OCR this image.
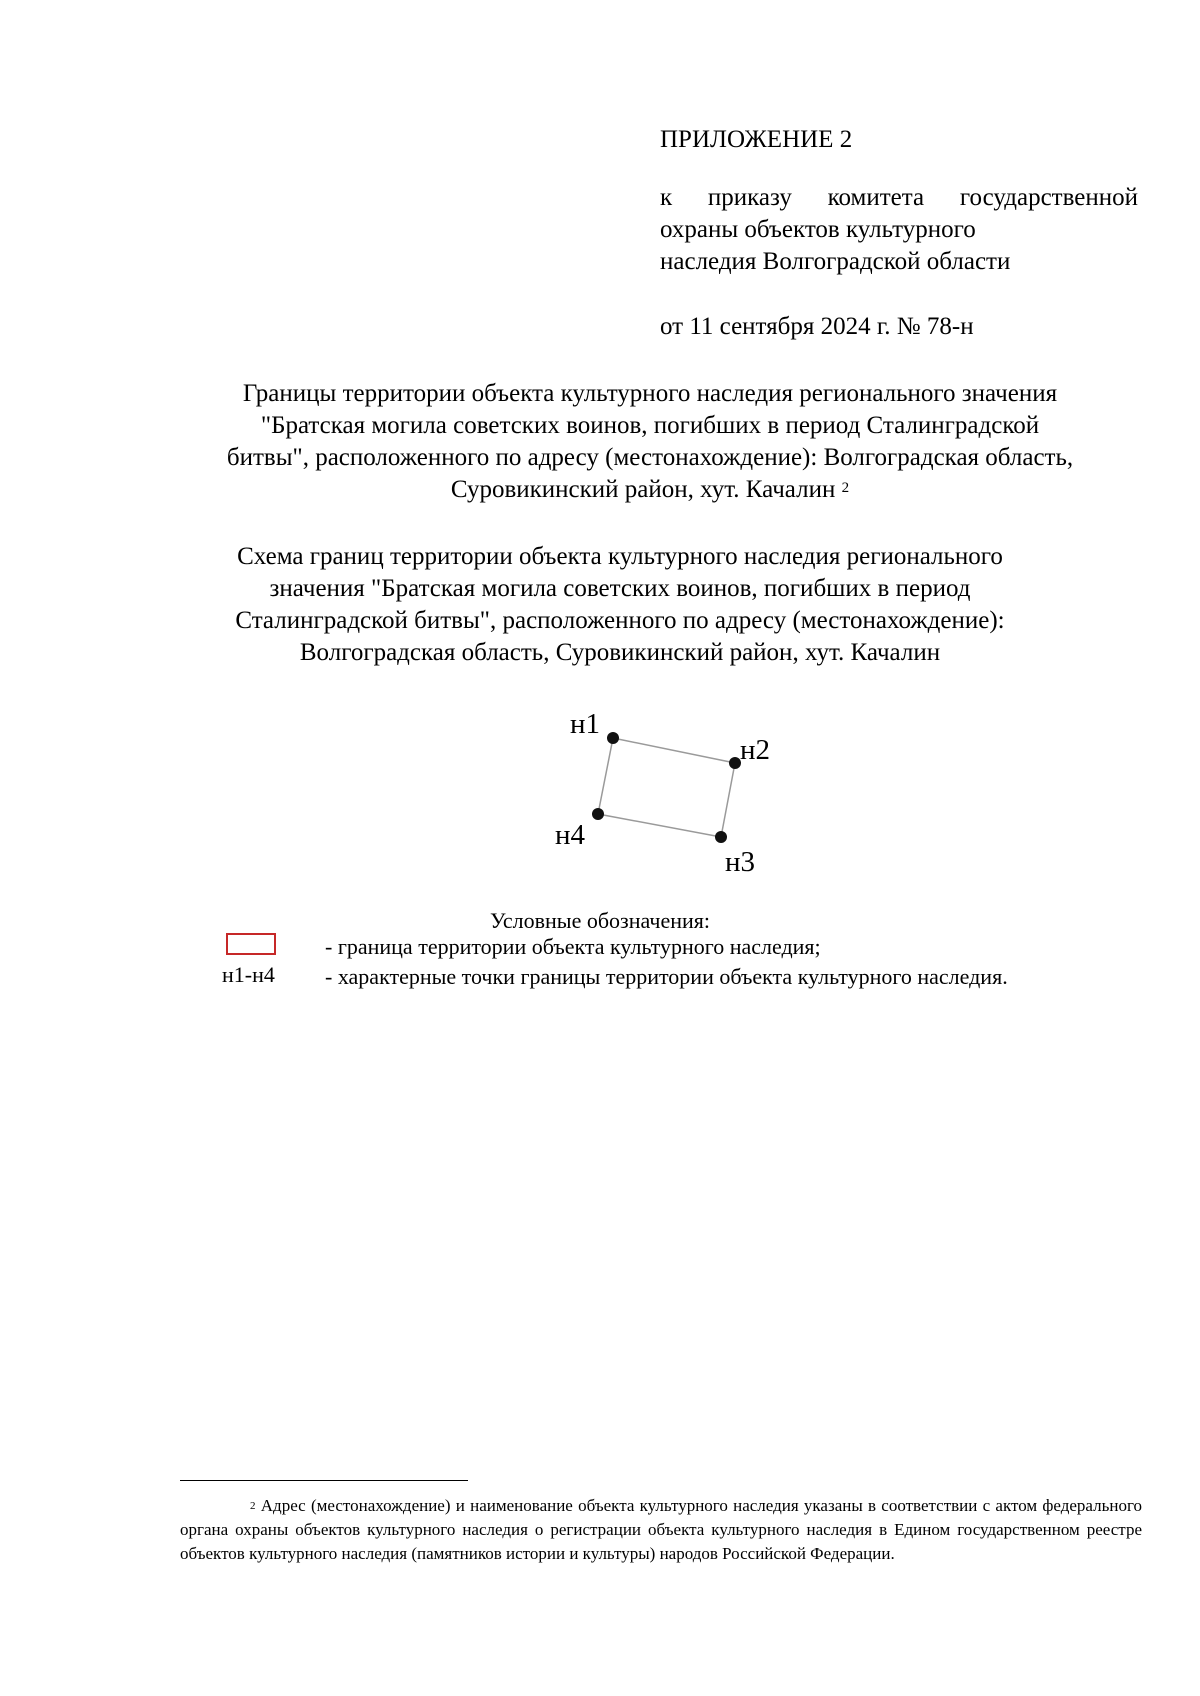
ПРИЛОЖЕНИЕ 2
к приказу комитета государственной
охраны объектов культурного
наследия Волгоградской области
от 11 сентября 2024 г. № 78-н
Границы территории объекта культурного наследия регионального значения
"Братская могила советских воинов, погибших в период Сталинградской
битвы", расположенного по адресу (местонахождение): Волгоградская область,
Суровикинский район, хут. Качалин $^2$
Схема границ территории объекта культурного наследия регионального
значения "Братская могила советских воинов, погибших в период
Сталинградской битвы", расположенного по адресу (местонахождение):
Волгоградская область, Суровикинский район, хут. Качалин
н1
н2
н3
н4
Условные обозначения:
- граница территории объекта культурного наследия;
н1-н4 - характерные точки границы территории объекта культурного наследия.
$^2$ Адрес (местонахождение) и наименование объекта культурного наследия указаны в соответствии с актом федерального органа охраны объектов культурного наследия о регистрации объекта культурного наследия в Едином государственном реестре объектов культурного наследия (памятников истории и культуры) народов Российской Федерации.
